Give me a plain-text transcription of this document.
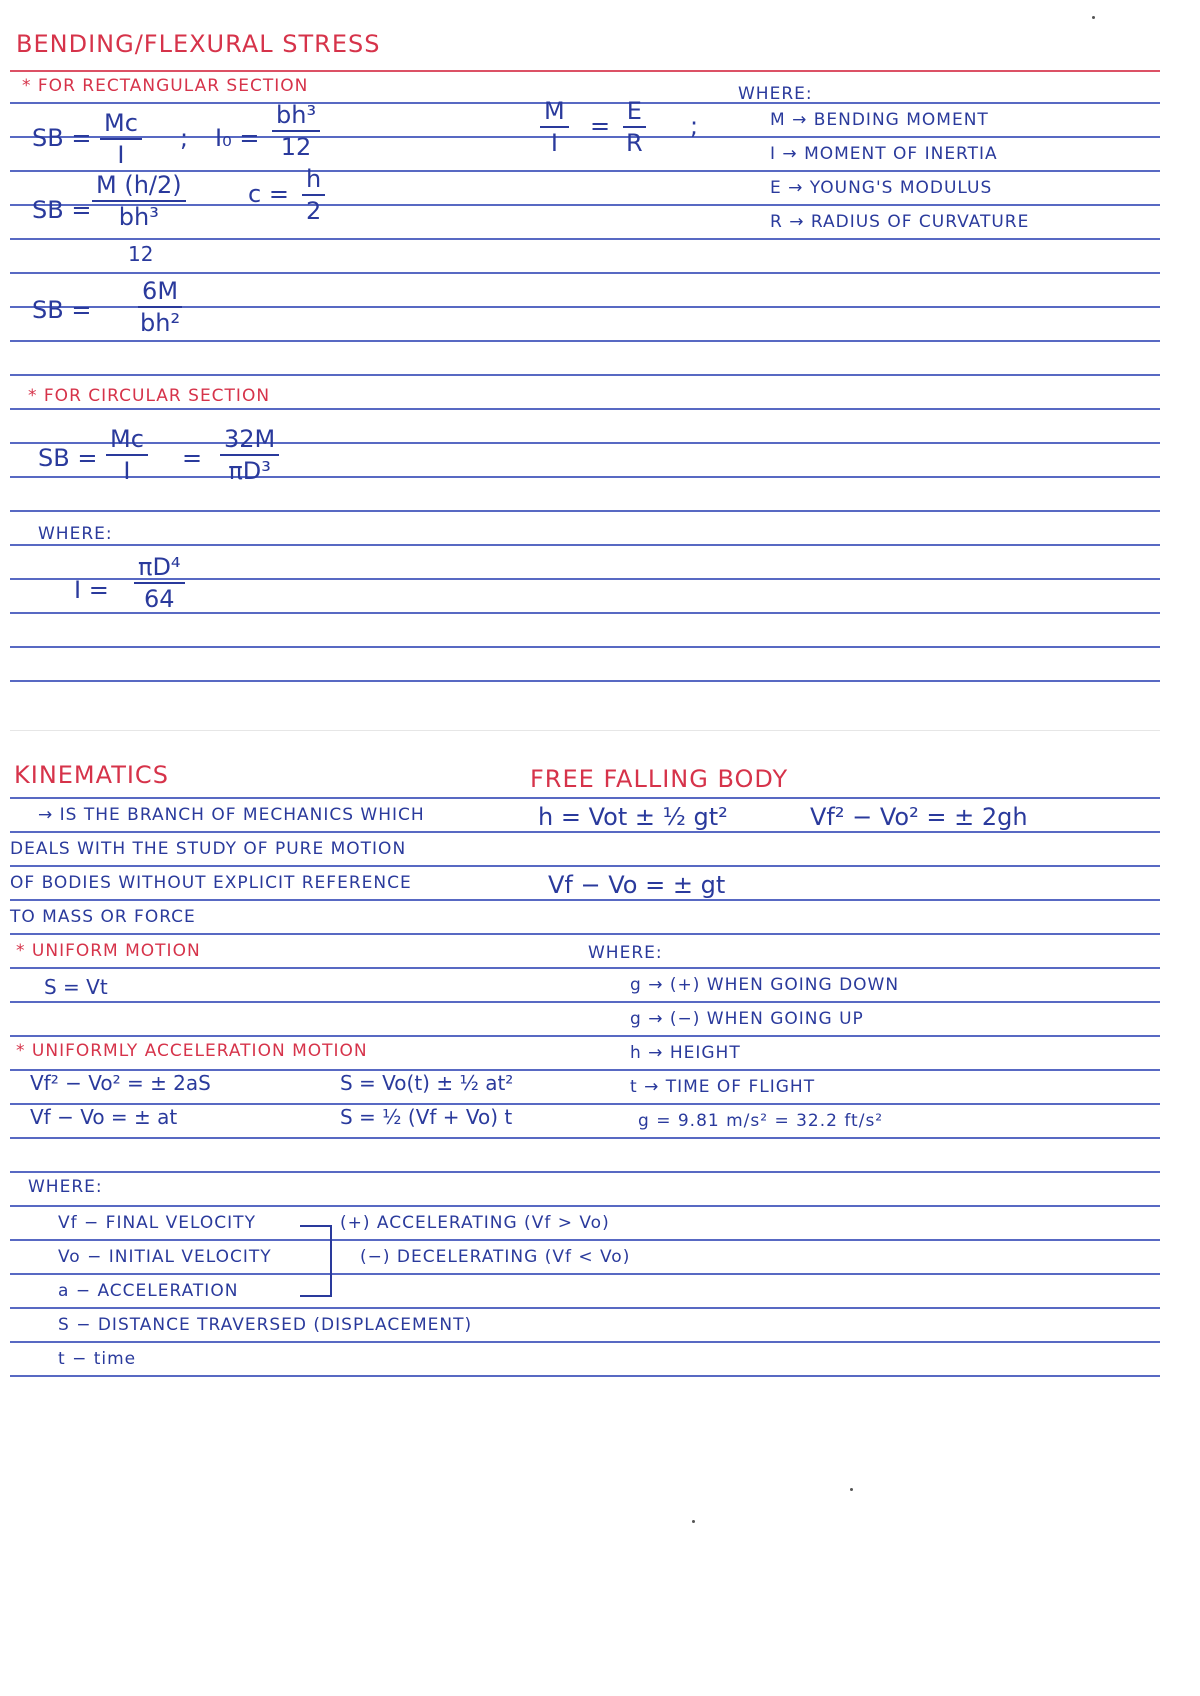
BENDING/FLEXURAL STRESS
* FOR RECTANGULAR SECTION
SB = $\frac{Mc}{I}$ ; $I_0 = \frac{\text{bh³}}{12}$
SB = $\frac{M (h/2)}{\text{bh³}}$
12
$c = \frac{h}{2}$
SB = $\frac{6M}{\text{bh²}}$
$\frac{M}{I} = \frac{E}{R}$ ;
WHERE:
M → BENDING MOMENT
I → MOMENT OF INERTIA
E → YOUNG'S MODULUS
R → RADIUS OF CURVATURE
* FOR CIRCULAR SECTION
SB = $\frac{Mc}{I} = \frac{32M}{\text{πD³}}$
WHERE:
$I = \frac{\text{πD⁴}}{64}$
KINEMATICS
→ IS THE BRANCH OF MECHANICS WHICH
DEALS WITH THE STUDY OF PURE MOTION
OF BODIES WITHOUT EXPLICIT REFERENCE
TO MASS OR FORCE
* UNIFORM MOTION
S = Vt
* UNIFORMLY ACCELERATION MOTION
Vf² − Vo² = ± 2aS	S = Vo(t) ± ½ at²
Vf − Vo = ± at	S = ½ (Vf + Vo) t
WHERE:
Vf − FINAL VELOCITY
Vo − INITIAL VELOCITY
a − ACCELERATION
S − DISTANCE TRAVERSED (DISPLACEMENT)
t − time
(+) ACCELERATING (Vf > Vo)
(−) DECELERATING (Vf < Vo)
FREE FALLING BODY
h = Vot ± ½ gt²	Vf² − Vo² = ± 2gh
Vf − Vo = ± gt
WHERE:
g → (+) WHEN GOING DOWN
g → (−) WHEN GOING UP
h → HEIGHT
t → TIME OF FLIGHT
g = 9.81 m/s² = 32.2 ft/s²
